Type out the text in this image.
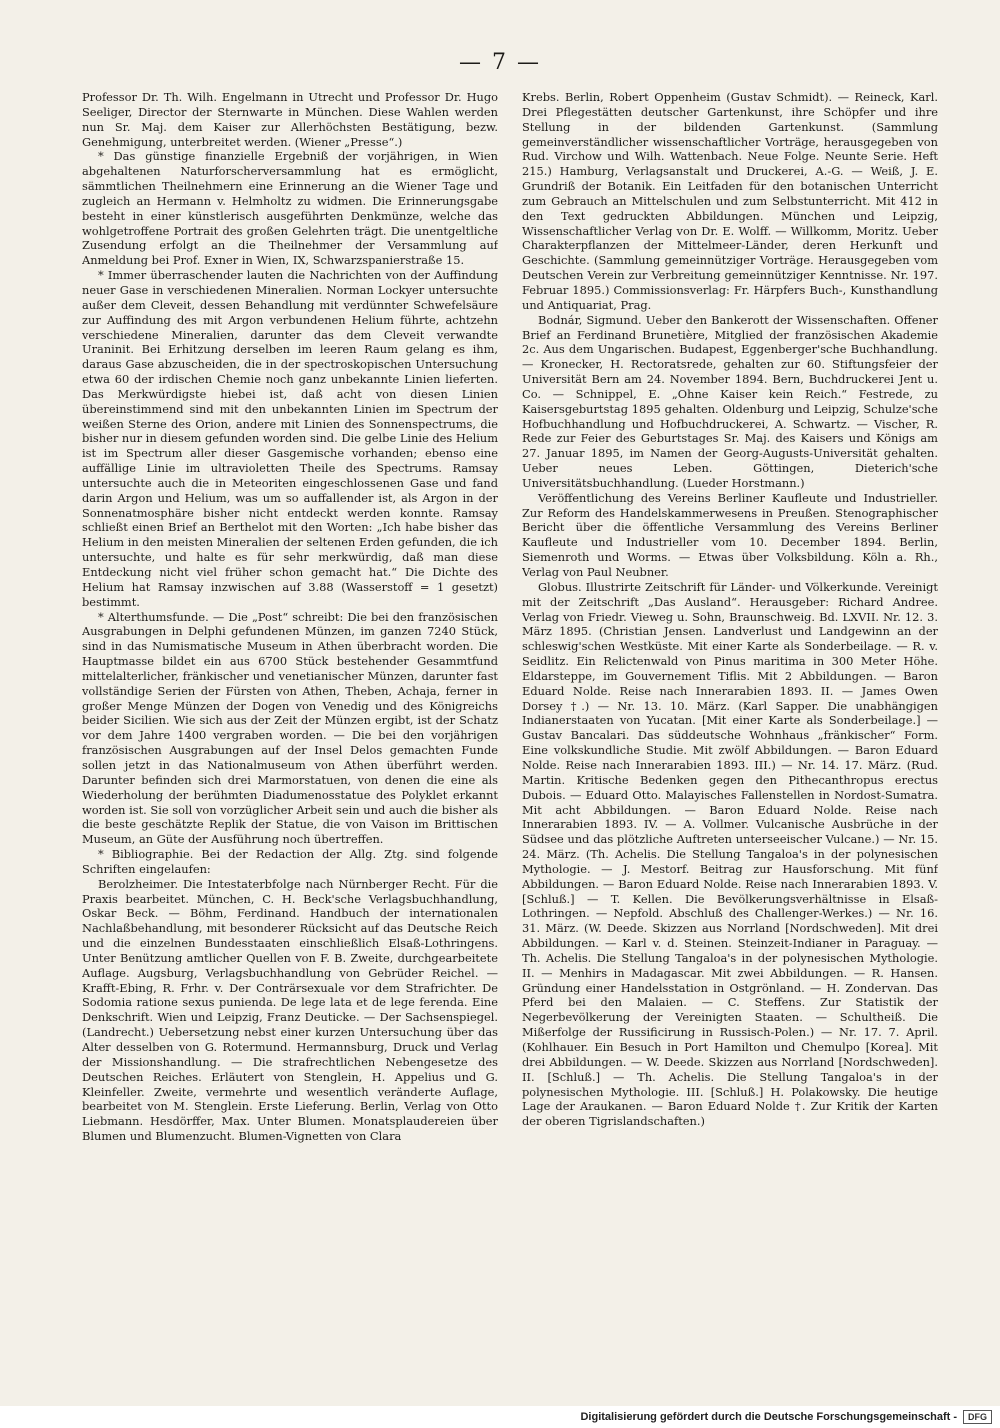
— 7 —

Professor Dr. Th. Wilh. Engelmann in Utrecht und Professor Dr. Hugo Seeliger, Director der Sternwarte in München. Diese Wahlen werden nun Sr. Maj. dem Kaiser zur Allerhöchsten Bestätigung, bezw. Genehmigung, unterbreitet werden. (Wiener „Presse“.)

* Das günstige finanzielle Ergebniß der vorjährigen, in Wien abgehaltenen Naturforscherversammlung hat es ermöglicht, sämmtlichen Theilnehmern eine Erinnerung an die Wiener Tage und zugleich an Hermann v. Helmholtz zu widmen. Die Erinnerungsgabe besteht in einer künstlerisch ausgeführten Denkmünze, welche das wohlgetroffene Portrait des großen Gelehrten trägt. Die unentgeltliche Zusendung erfolgt an die Theilnehmer der Versammlung auf Anmeldung bei Prof. Exner in Wien, IX, Schwarzspanierstraße 15.

* Immer überraschender lauten die Nachrichten von der Auffindung neuer Gase in verschiedenen Mineralien. Norman Lockyer untersuchte außer dem Cleveit, dessen Behandlung mit verdünnter Schwefelsäure zur Auffindung des mit Argon verbundenen Helium führte, achtzehn verschiedene Mineralien, darunter das dem Cleveit verwandte Uraninit. Bei Erhitzung derselben im leeren Raum gelang es ihm, daraus Gase abzuscheiden, die in der spectroskopischen Untersuchung etwa 60 der irdischen Chemie noch ganz unbekannte Linien lieferten. Das Merkwürdigste hiebei ist, daß acht von diesen Linien übereinstimmend sind mit den unbekannten Linien im Spectrum der weißen Sterne des Orion, andere mit Linien des Sonnenspectrums, die bisher nur in diesem gefunden worden sind. Die gelbe Linie des Helium ist im Spectrum aller dieser Gasgemische vorhanden; ebenso eine auffällige Linie im ultravioletten Theile des Spectrums. Ramsay untersuchte auch die in Meteoriten eingeschlossenen Gase und fand darin Argon und Helium, was um so auffallender ist, als Argon in der Sonnenatmosphäre bisher nicht entdeckt werden konnte. Ramsay schließt einen Brief an Berthelot mit den Worten: „Ich habe bisher das Helium in den meisten Mineralien der seltenen Erden gefunden, die ich untersuchte, und halte es für sehr merkwürdig, daß man diese Entdeckung nicht viel früher schon gemacht hat.“ Die Dichte des Helium hat Ramsay inzwischen auf 3.88 (Wasserstoff = 1 gesetzt) bestimmt.

* Alterthumsfunde. — Die „Post“ schreibt: Die bei den französischen Ausgrabungen in Delphi gefundenen Münzen, im ganzen 7240 Stück, sind in das Numismatische Museum in Athen überbracht worden. Die Hauptmasse bildet ein aus 6700 Stück bestehender Gesammtfund mittelalterlicher, fränkischer und venetianischer Münzen, darunter fast vollständige Serien der Fürsten von Athen, Theben, Achaja, ferner in großer Menge Münzen der Dogen von Venedig und des Königreichs beider Sicilien. Wie sich aus der Zeit der Münzen ergibt, ist der Schatz vor dem Jahre 1400 vergraben worden. — Die bei den vorjährigen französischen Ausgrabungen auf der Insel Delos gemachten Funde sollen jetzt in das Nationalmuseum von Athen überführt werden. Darunter befinden sich drei Marmorstatuen, von denen die eine als Wiederholung der berühmten Diadumenosstatue des Polyklet erkannt worden ist. Sie soll von vorzüglicher Arbeit sein und auch die bisher als die beste geschätzte Replik der Statue, die von Vaison im Brittischen Museum, an Güte der Ausführung noch übertreffen.

* Bibliographie. Bei der Redaction der Allg. Ztg. sind folgende Schriften eingelaufen:

Berolzheimer. Die Intestaterbfolge nach Nürnberger Recht. Für die Praxis bearbeitet. München, C. H. Beck'sche Verlagsbuchhandlung, Oskar Beck. — Böhm, Ferdinand. Handbuch der internationalen Nachlaßbehandlung, mit besonderer Rücksicht auf das Deutsche Reich und die einzelnen Bundesstaaten einschließlich Elsaß-Lothringens. Unter Benützung amtlicher Quellen von F. B. Zweite, durchgearbeitete Auflage. Augsburg, Verlagsbuchhandlung von Gebrüder Reichel. — Krafft-Ebing, R. Frhr. v. Der Conträrsexuale vor dem Strafrichter. De Sodomia ratione sexus punienda. De lege lata et de lege ferenda. Eine Denkschrift. Wien und Leipzig, Franz Deuticke. — Der Sachsenspiegel. (Landrecht.) Uebersetzung nebst einer kurzen Untersuchung über das Alter desselben von G. Rotermund. Hermannsburg, Druck und Verlag der Missionshandlung. — Die strafrechtlichen Nebengesetze des Deutschen Reiches. Erläutert von Stenglein, H. Appelius und G. Kleinfeller. Zweite, vermehrte und wesentlich veränderte Auflage, bearbeitet von M. Stenglein. Erste Lieferung. Berlin, Verlag von Otto Liebmann. Hesdörffer, Max. Unter Blumen. Monatsplaudereien über Blumen und Blumenzucht. Blumen-Vignetten von Clara

Krebs. Berlin, Robert Oppenheim (Gustav Schmidt). — Reineck, Karl. Drei Pflegestätten deutscher Gartenkunst, ihre Schöpfer und ihre Stellung in der bildenden Gartenkunst. (Sammlung gemeinverständlicher wissenschaftlicher Vorträge, herausgegeben von Rud. Virchow und Wilh. Wattenbach. Neue Folge. Neunte Serie. Heft 215.) Hamburg, Verlagsanstalt und Druckerei, A.-G. — Weiß, J. E. Grundriß der Botanik. Ein Leitfaden für den botanischen Unterricht zum Gebrauch an Mittelschulen und zum Selbstunterricht. Mit 412 in den Text gedruckten Abbildungen. München und Leipzig, Wissenschaftlicher Verlag von Dr. E. Wolff. — Willkomm, Moritz. Ueber Charakterpflanzen der Mittelmeer-Länder, deren Herkunft und Geschichte. (Sammlung gemeinnütziger Vorträge. Herausgegeben vom Deutschen Verein zur Verbreitung gemeinnütziger Kenntnisse. Nr. 197. Februar 1895.) Commissionsverlag: Fr. Härpfers Buch-, Kunsthandlung und Antiquariat, Prag.

Bodnár, Sigmund. Ueber den Bankerott der Wissenschaften. Offener Brief an Ferdinand Brunetière, Mitglied der französischen Akademie 2c. Aus dem Ungarischen. Budapest, Eggenberger'sche Buchhandlung. — Kronecker, H. Rectoratsrede, gehalten zur 60. Stiftungsfeier der Universität Bern am 24. November 1894. Bern, Buchdruckerei Jent u. Co. — Schnippel, E. „Ohne Kaiser kein Reich.“ Festrede, zu Kaisersgeburtstag 1895 gehalten. Oldenburg und Leipzig, Schulze'sche Hofbuchhandlung und Hofbuchdruckerei, A. Schwartz. — Vischer, R. Rede zur Feier des Geburtstages Sr. Maj. des Kaisers und Königs am 27. Januar 1895, im Namen der Georg-Augusts-Universität gehalten. Ueber neues Leben. Göttingen, Dieterich'sche Universitätsbuchhandlung. (Lueder Horstmann.)

Veröffentlichung des Vereins Berliner Kaufleute und Industrieller. Zur Reform des Handelskammerwesens in Preußen. Stenographischer Bericht über die öffentliche Versammlung des Vereins Berliner Kaufleute und Industrieller vom 10. December 1894. Berlin, Siemenroth und Worms. — Etwas über Volksbildung. Köln a. Rh., Verlag von Paul Neubner.

Globus. Illustrirte Zeitschrift für Länder- und Völkerkunde. Vereinigt mit der Zeitschrift „Das Ausland“. Herausgeber: Richard Andree. Verlag von Friedr. Vieweg u. Sohn, Braunschweig. Bd. LXVII. Nr. 12. 3. März 1895. (Christian Jensen. Landverlust und Landgewinn an der schleswig'schen Westküste. Mit einer Karte als Sonderbeilage. — R. v. Seidlitz. Ein Relictenwald von Pinus maritima in 300 Meter Höhe. Eldarsteppe, im Gouvernement Tiflis. Mit 2 Abbildungen. — Baron Eduard Nolde. Reise nach Innerarabien 1893. II. — James Owen Dorsey †.) — Nr. 13. 10. März. (Karl Sapper. Die unabhängigen Indianerstaaten von Yucatan. [Mit einer Karte als Sonderbeilage.] — Gustav Bancalari. Das süddeutsche Wohnhaus „fränkischer“ Form. Eine volkskundliche Studie. Mit zwölf Abbildungen. — Baron Eduard Nolde. Reise nach Innerarabien 1893. III.) — Nr. 14. 17. März. (Rud. Martin. Kritische Bedenken gegen den Pithecanthropus erectus Dubois. — Eduard Otto. Malayisches Fallenstellen in Nordost-Sumatra. Mit acht Abbildungen. — Baron Eduard Nolde. Reise nach Innerarabien 1893. IV. — A. Vollmer. Vulcanische Ausbrüche in der Südsee und das plötzliche Auftreten unterseeischer Vulcane.) — Nr. 15. 24. März. (Th. Achelis. Die Stellung Tangaloa's in der polynesischen Mythologie. — J. Mestorf. Beitrag zur Hausforschung. Mit fünf Abbildungen. — Baron Eduard Nolde. Reise nach Innerarabien 1893. V. [Schluß.] — T. Kellen. Die Bevölkerungsverhältnisse in Elsaß-Lothringen. — Nepfold. Abschluß des Challenger-Werkes.) — Nr. 16. 31. März. (W. Deede. Skizzen aus Norrland [Nordschweden]. Mit drei Abbildungen. — Karl v. d. Steinen. Steinzeit-Indianer in Paraguay. — Th. Achelis. Die Stellung Tangaloa's in der polynesischen Mythologie. II. — Menhirs in Madagascar. Mit zwei Abbildungen. — R. Hansen. Gründung einer Handelsstation in Ostgrönland. — H. Zondervan. Das Pferd bei den Malaien. — C. Steffens. Zur Statistik der Negerbevölkerung der Vereinigten Staaten. — Schultheiß. Die Mißerfolge der Russificirung in Russisch-Polen.) — Nr. 17. 7. April. (Kohlhauer. Ein Besuch in Port Hamilton und Chemulpo [Korea]. Mit drei Abbildungen. — W. Deede. Skizzen aus Norrland [Nordschweden]. II. [Schluß.] — Th. Achelis. Die Stellung Tangaloa's in der polynesischen Mythologie. III. [Schluß.] H. Polakowsky. Die heutige Lage der Araukanen. — Baron Eduard Nolde †. Zur Kritik der Karten der oberen Tigrislandschaften.)

Digitalisierung gefördert durch die Deutsche Forschungsgemeinschaft -	DFG
